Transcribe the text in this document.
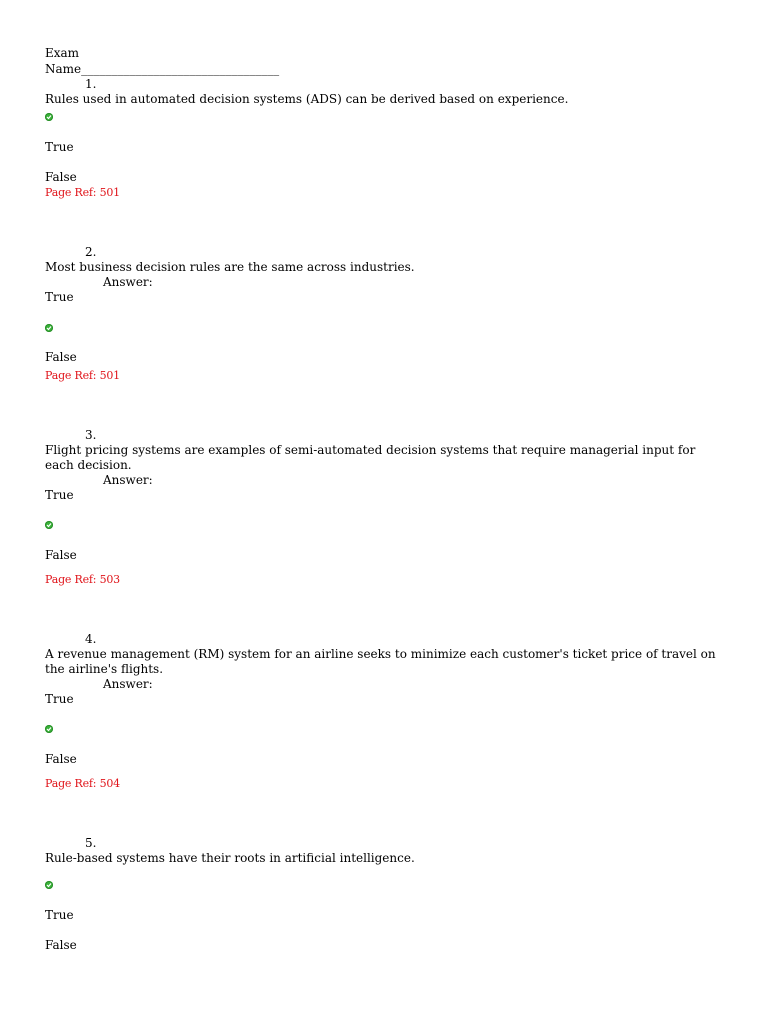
Exam
Name_________________________________
1.
Rules used in automated decision systems (ADS) can be derived based on experience.
True
False
Page Ref: 501
2.
Most business decision rules are the same across industries.
Answer:
True
False
Page Ref: 501
3.
Flight pricing systems are examples of semi-automated decision systems that require managerial input for each decision.
Answer:
True
False
Page Ref: 503
4.
A revenue management (RM) system for an airline seeks to minimize each customer's ticket price of travel on the airline's flights.
Answer:
True
False
Page Ref: 504
5.
Rule-based systems have their roots in artificial intelligence.
True
False
